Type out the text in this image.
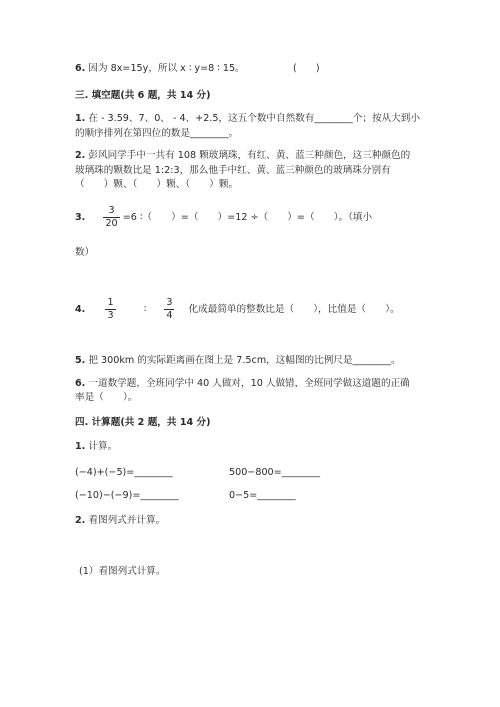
6. 因为 8x=15y，所以 x ∶ y=8 ∶ 15。	(　　)
三. 填空题(共 6 题，共 14 分)
1. 在 - 3.59、7、0、 - 4、+2.5，这五个数中自然数有________个；按从大到小
的顺序排列在第四位的数是________。
2. 彭风同学手中一共有 108 颗玻璃珠，有红、黄、蓝三种颜色，这三种颜色的
玻璃珠的颗数比是 1:2:3，那么他手中红、黄、蓝三种颜色的玻璃珠分别有
（　　）颗、（　　）颗、（　　）颗。
3. $\frac{3}{20} =6$ ∶（　　）=（　　）=12 ÷（　　）=（　　）。（填小
数）
4. $\frac{1}{3}$	∶ $\frac{3}{4}$ 化成最简单的整数比是（　　），比值是（　　）。
5. 把 300km 的实际距离画在图上是 7.5cm，这幅图的比例尺是________。
6. 一道数学题，全班同学中 40 人做对，10 人做错，全班同学做这道题的正确
率是（　　）。
四. 计算题(共 2 题，共 14 分)
1. 计算。
(−4)+(−5)=________	500−800=________
(−10)−(−9)=________	0−5=________
2. 看图列式并计算。
(1）看图列式计算。
